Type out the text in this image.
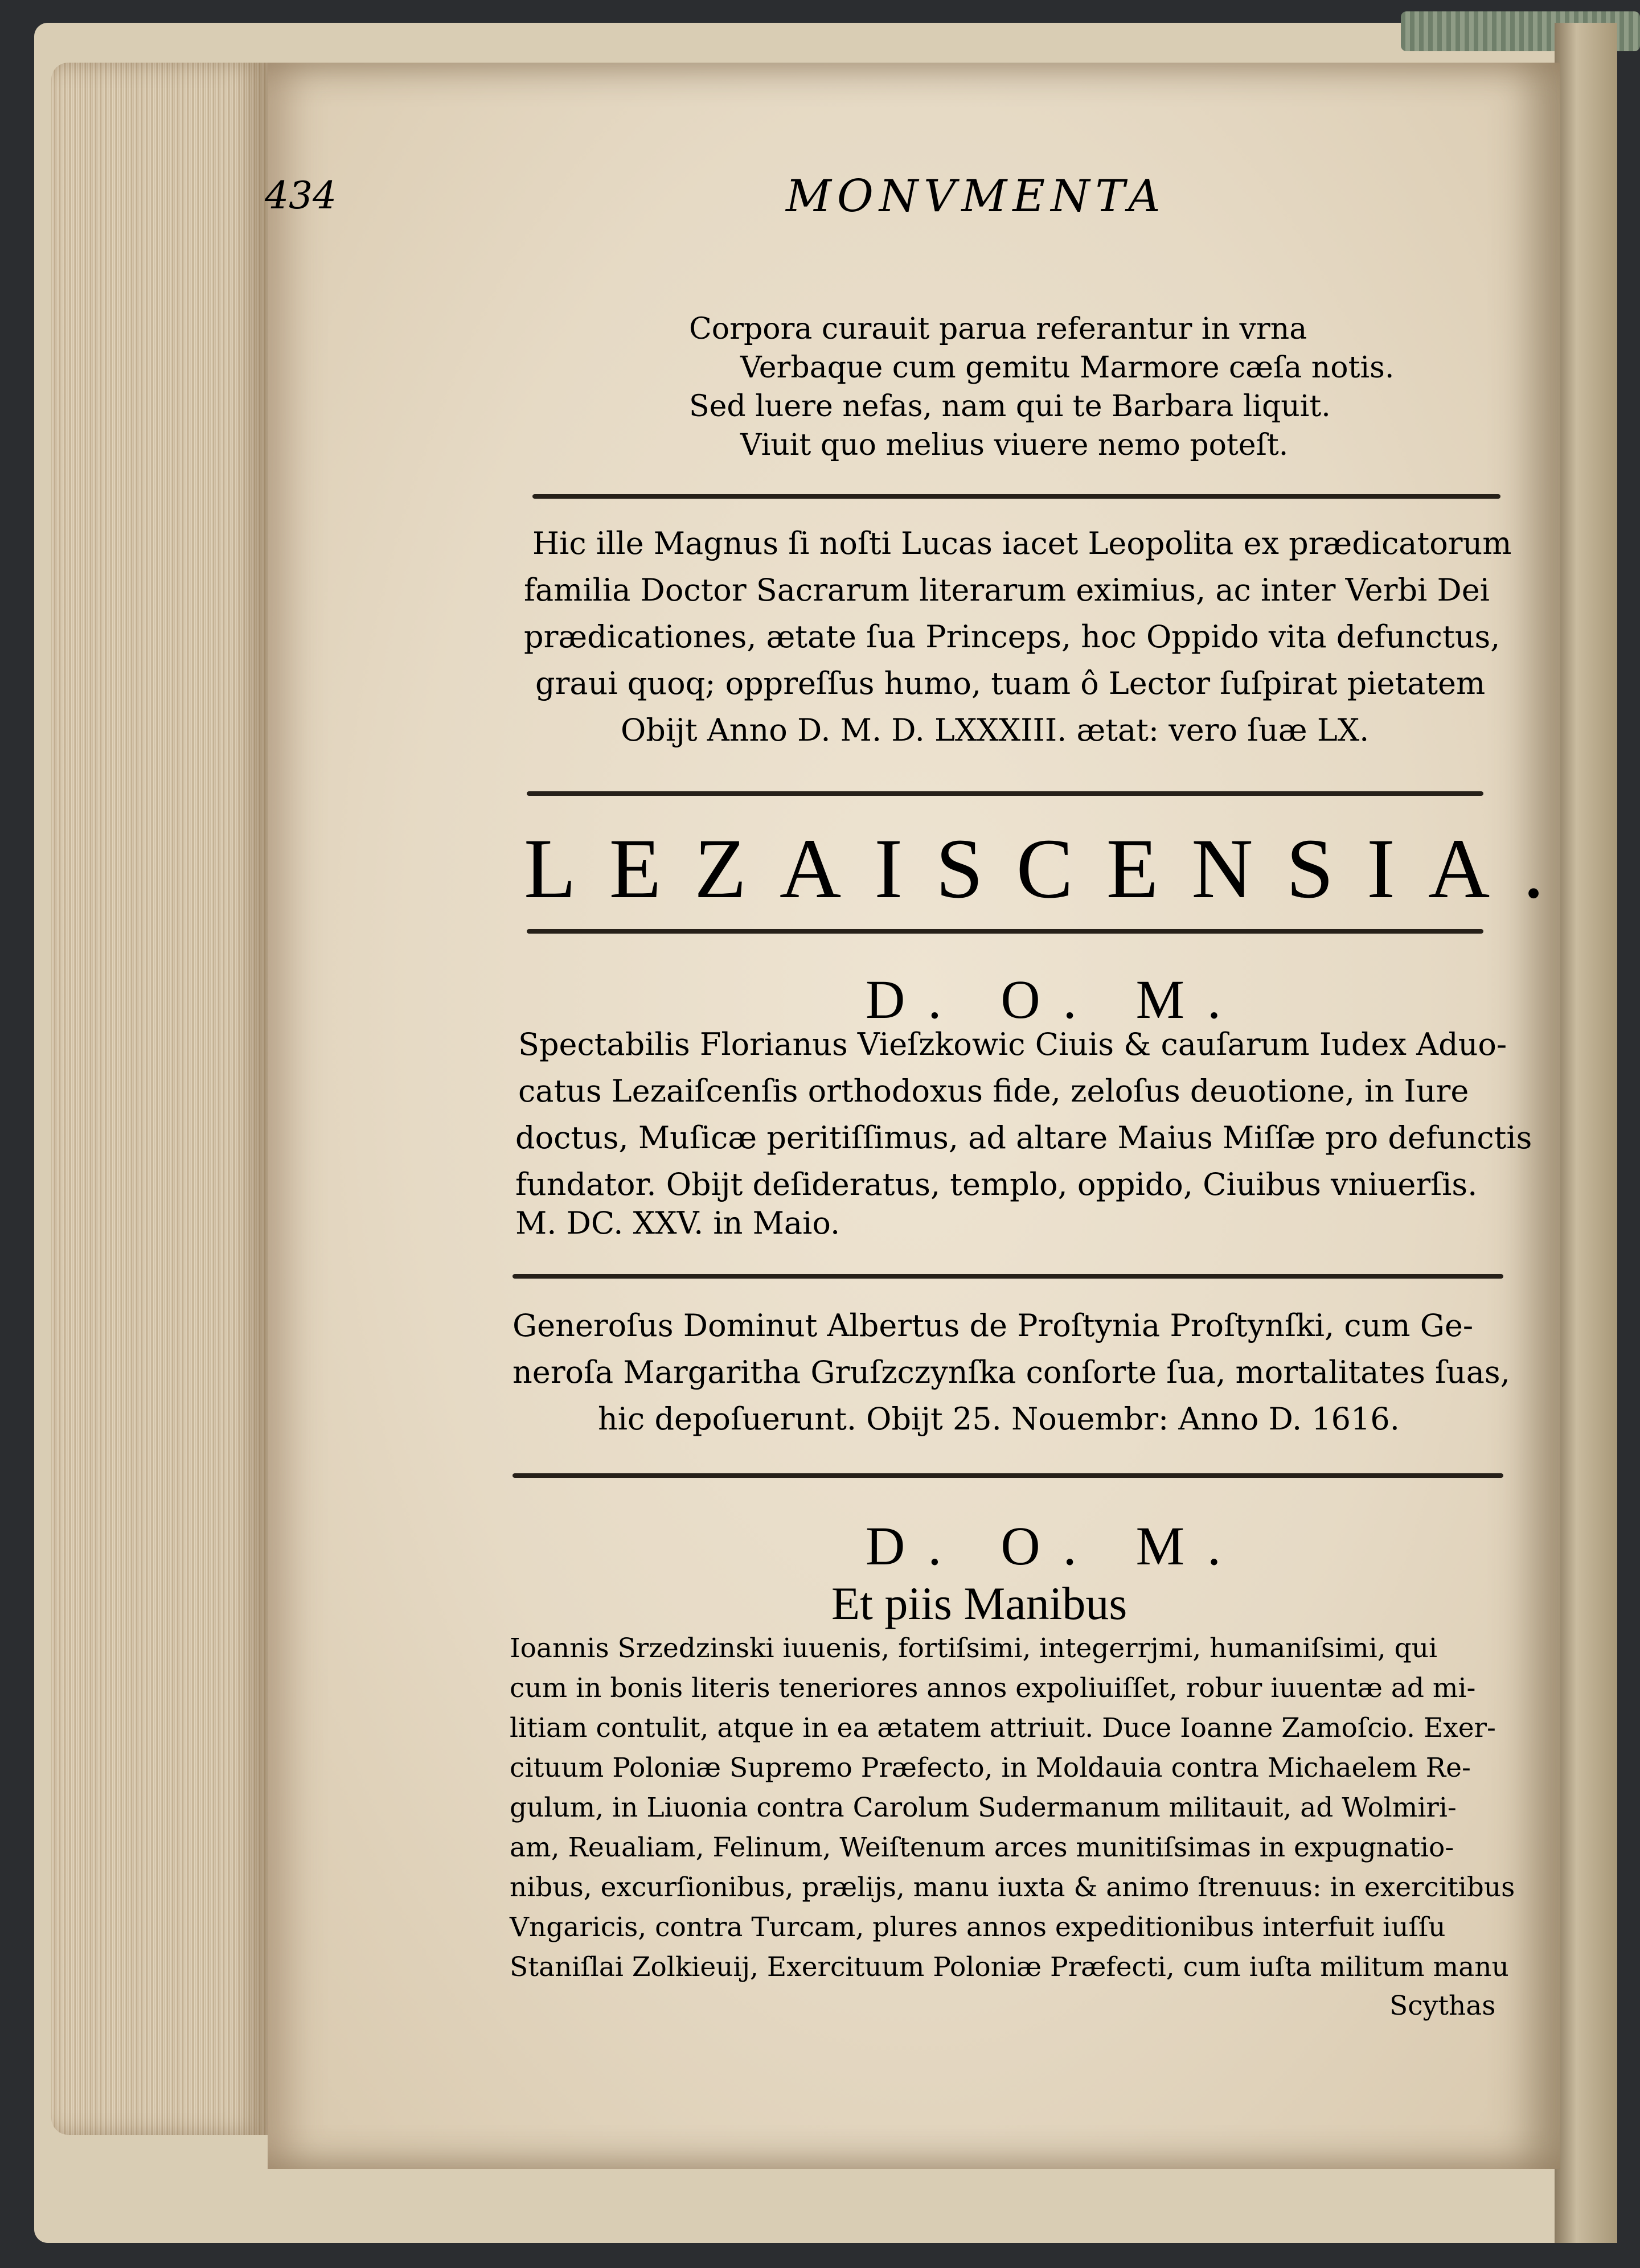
434	MONVMENTA
Corpora curauit parua referantur in vrna
Verbaque cum gemitu Marmore cæſa notis.
Sed luere nefas, nam qui te Barbara liquit.
Viuit quo melius viuere nemo poteſt.
Hic ille Magnus ſi noſti Lucas iacet Leopolita ex prædicatorum
familia Doctor Sacrarum literarum eximius, ac inter Verbi Dei
prædicationes, ætate ſua Princeps, hoc Oppido vita defunctus,
graui quoq; oppreſſus humo, tuam ô Lector ſuſpirat pietatem
Obijt Anno D. M. D. LXXXIII. ætat: vero ſuæ LX.
LEZAISCENSIA.
D. O. M.
Spectabilis Florianus Vieſzkowic Ciuis & cauſarum Iudex Aduo-
catus Lezaiſcenſis orthodoxus fide, zeloſus deuotione, in Iure
doctus, Muſicæ peritiſſimus, ad altare Maius Miſſæ pro defunctis
fundator. Obijt deſideratus, templo, oppido, Ciuibus vniuerſis.
M. DC. XXV. in Maio.
Generoſus Dominut Albertus de Proſtynia Proſtynſki, cum Ge-
neroſa Margaritha Gruſzczynſka conſorte ſua, mortalitates ſuas,
hic depoſuerunt. Obijt 25. Nouembr: Anno D. 1616.
D. O. M.
Et piis Manibus
Ioannis Srzedzinski iuuenis, fortiſsimi, integerrjmi, humaniſsimi, qui
cum in bonis literis teneriores annos expoliuiſſet, robur iuuentæ ad mi-
litiam contulit, atque in ea ætatem attriuit. Duce Ioanne Zamoſcio. Exer-
cituum Poloniæ Supremo Præfecto, in Moldauia contra Michaelem Re-
gulum, in Liuonia contra Carolum Sudermanum militauit, ad Wolmiri-
am, Reualiam, Felinum, Weiſtenum arces munitiſsimas in expugnatio-
nibus, excurſionibus, prælijs, manu iuxta & animo ſtrenuus: in exercitibus
Vngaricis, contra Turcam, plures annos expeditionibus interfuit iuſſu
Staniſlai Zolkieuij, Exercituum Poloniæ Præfecti, cum iuſta militum manu
Scythas
